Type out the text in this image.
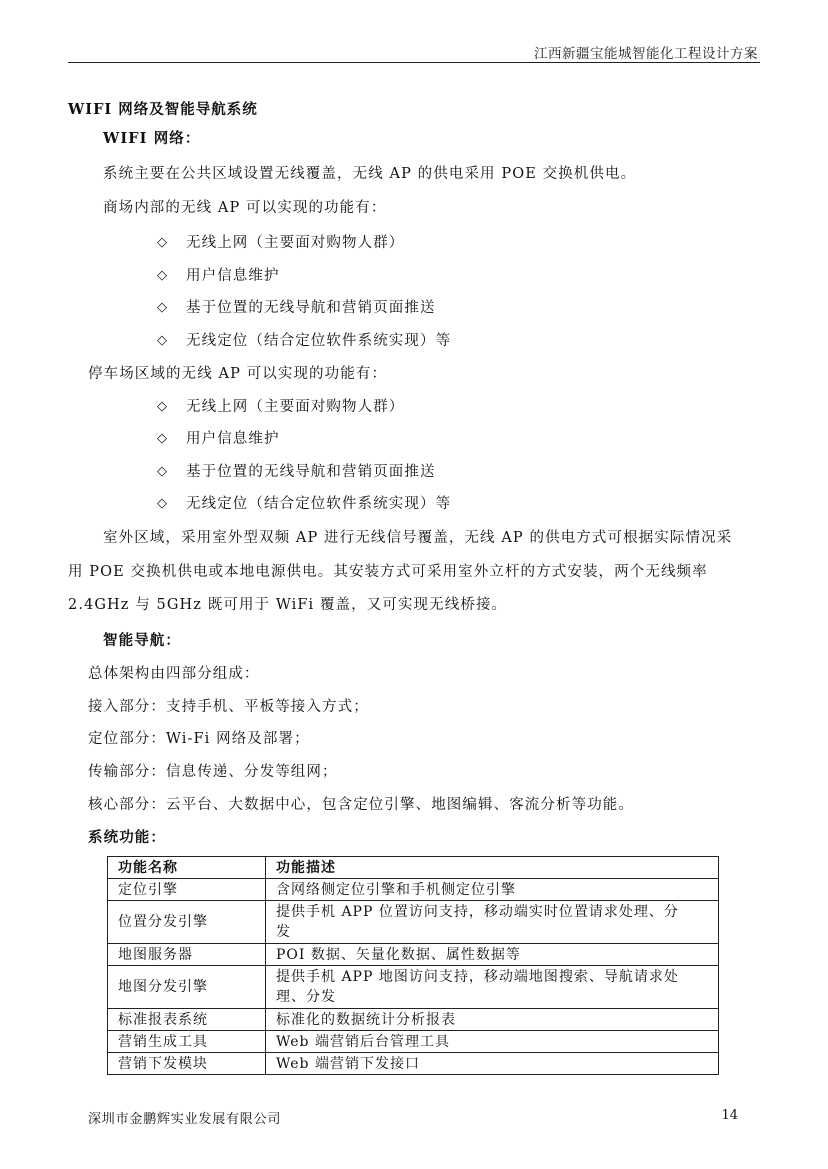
江西新疆宝能城智能化工程设计方案
WIFI 网络及智能导航系统
WIFI 网络：
系统主要在公共区域设置无线覆盖，无线 AP 的供电采用 POE 交换机供电。
商场内部的无线 AP 可以实现的功能有：
◇ 无线上网（主要面对购物人群）
◇ 用户信息维护
◇ 基于位置的无线导航和营销页面推送
◇ 无线定位（结合定位软件系统实现）等
停车场区域的无线 AP 可以实现的功能有：
◇ 无线上网（主要面对购物人群）
◇ 用户信息维护
◇ 基于位置的无线导航和营销页面推送
◇ 无线定位（结合定位软件系统实现）等
室外区域，采用室外型双频 AP 进行无线信号覆盖，无线 AP 的供电方式可根据实际情况采
用 POE 交换机供电或本地电源供电。其安装方式可采用室外立杆的方式安装，两个无线频率
2.4GHz 与 5GHz 既可用于 WiFi 覆盖，又可实现无线桥接。
智能导航：
总体架构由四部分组成：
接入部分：支持手机、平板等接入方式；
定位部分：Wi-Fi 网络及部署；
传输部分：信息传递、分发等组网；
核心部分：云平台、大数据中心，包含定位引擎、地图编辑、客流分析等功能。
系统功能：
功能名称	功能描述
定位引擎	含网络侧定位引擎和手机侧定位引擎
位置分发引擎	提供手机 APP 位置访问支持，移动端实时位置请求处理、分
发

地图服务器	POI 数据、矢量化数据、属性数据等
地图分发引擎	提供手机 APP 地图访问支持，移动端地图搜索、导航请求处
理、分发

标准报表系统	标准化的数据统计分析报表
营销生成工具	Web 端营销后台管理工具
营销下发模块	Web 端营销下发接口
深圳市金鹏辉实业发展有限公司	14
